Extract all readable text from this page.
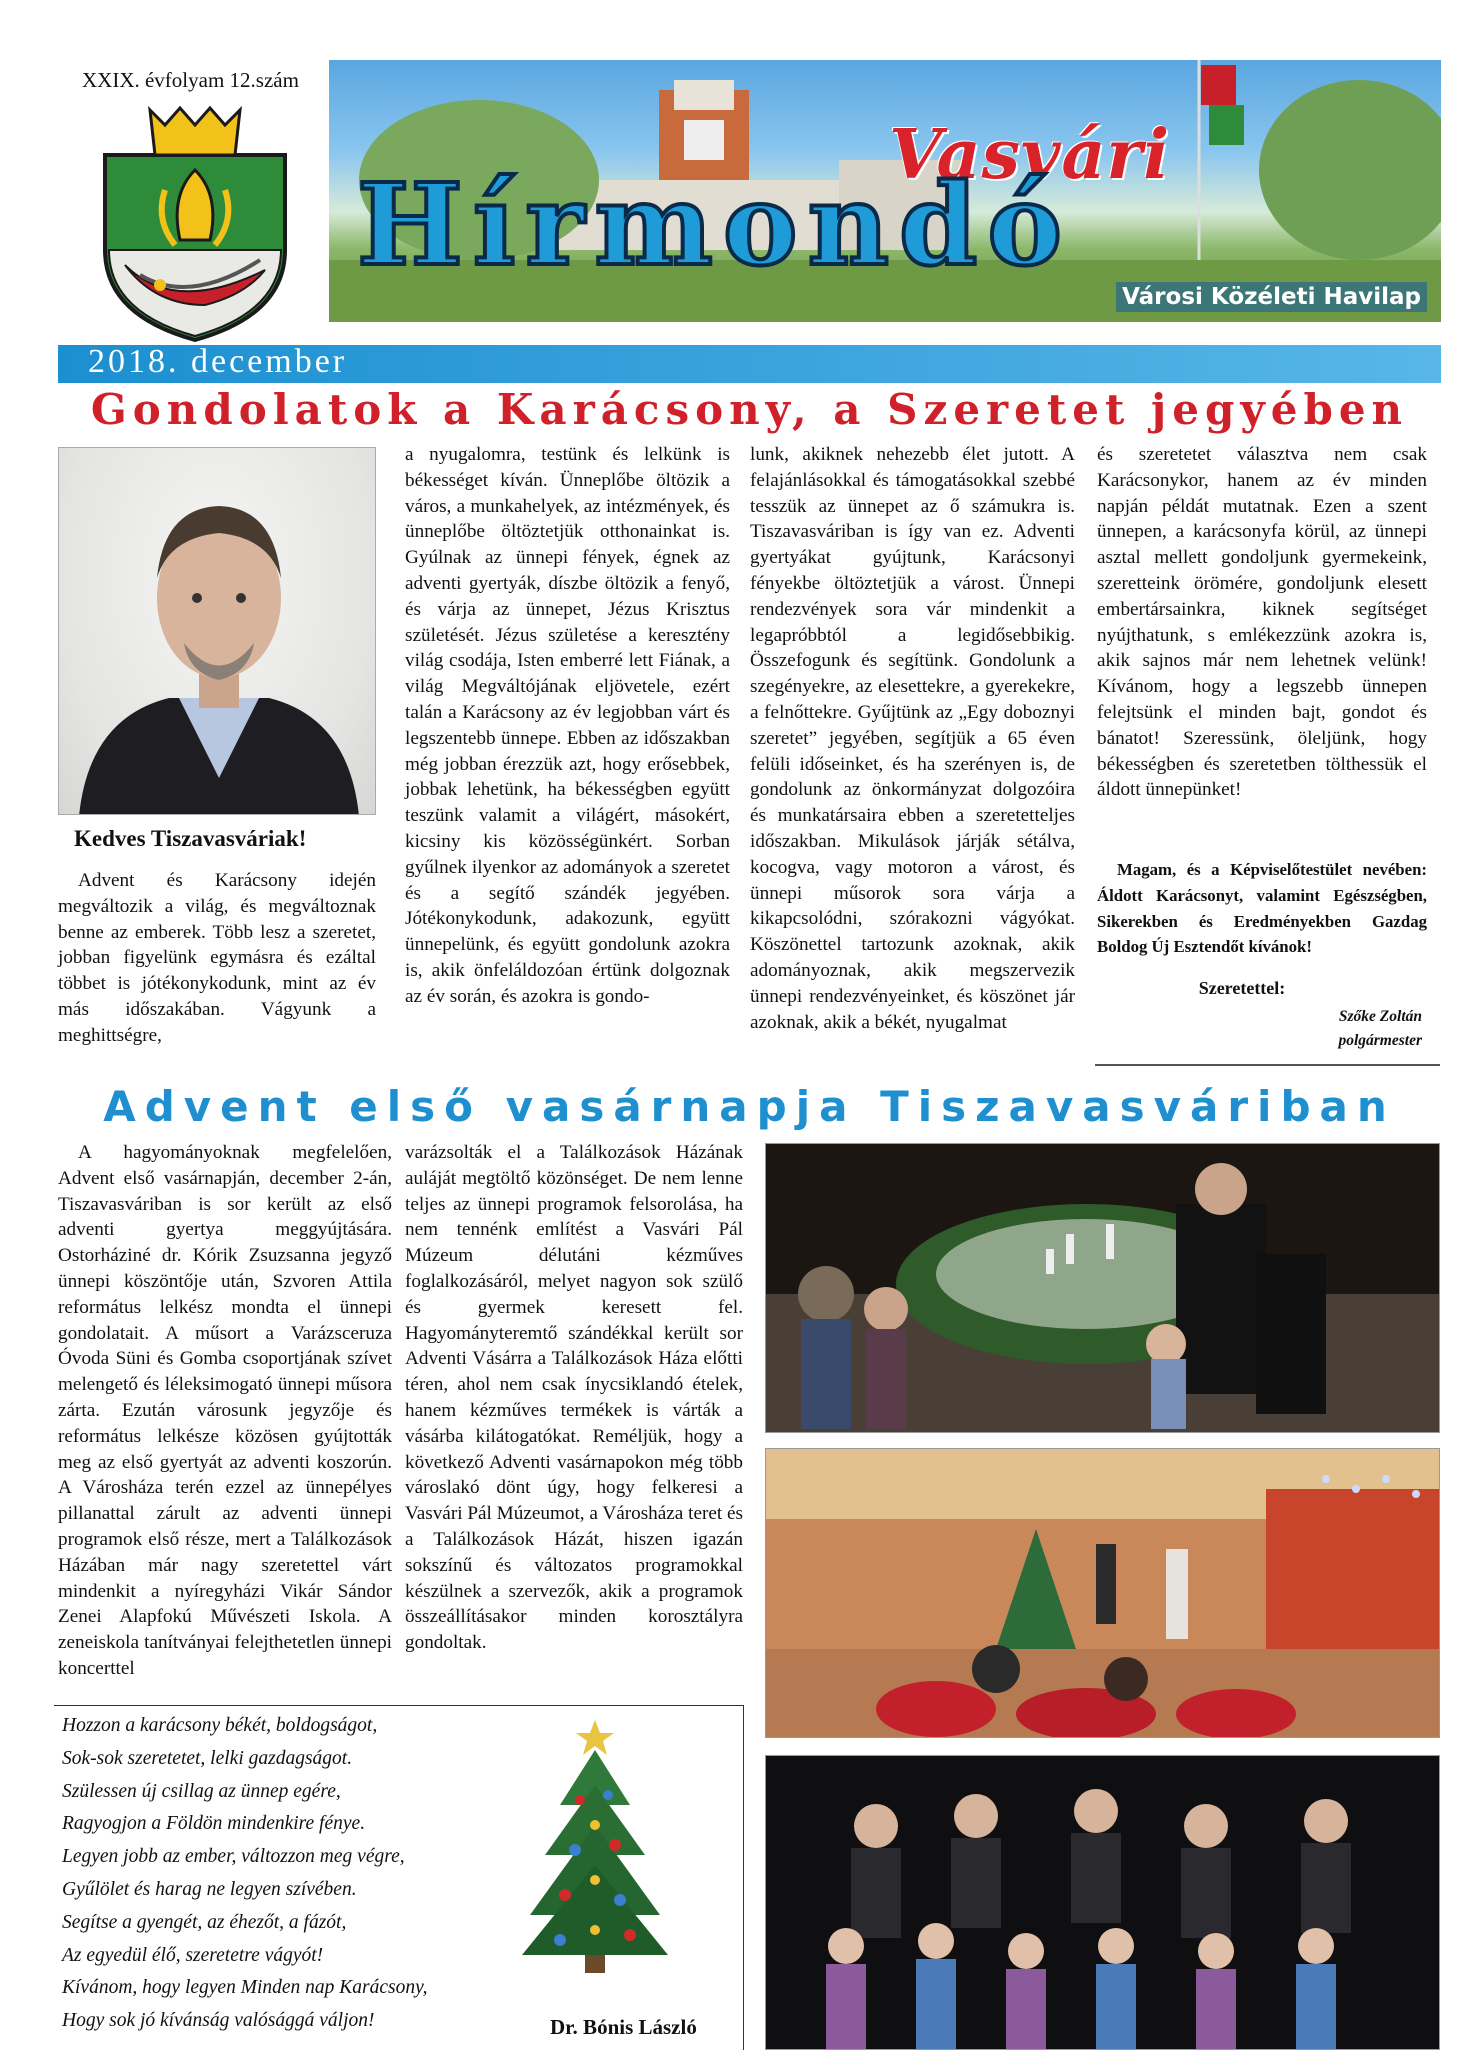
XXIX. évfolyam 12.szám
Vasvári
Hírmondó
Városi Közéleti Havilap
2018. december
Gondolatok a Karácsony, a Szeretet jegyében
Kedves Tiszavasváriak!

Advent és Karácsony idején megváltozik a világ, és megváltoznak benne az emberek. Több lesz a szeretet, jobban figyelünk egymásra és ezáltal többet is jótékonykodunk, mint az év más időszakában. Vágyunk a meghittségre,

a nyugalomra, testünk és lelkünk is békességet kíván. Ünneplőbe öltözik a város, a munkahelyek, az intézmények, és ünneplőbe öltöztetjük otthonainkat is. Gyúlnak az ünnepi fények, égnek az adventi gyertyák, díszbe öltözik a fenyő, és várja az ünnepet, Jézus Krisztus születését. Jézus születése a keresztény világ csodája, Isten emberré lett Fiának, a világ Megváltójának eljövetele, ezért talán a Karácsony az év legjobban várt és legszentebb ünnepe. Ebben az időszakban még jobban érezzük azt, hogy erősebbek, jobbak lehetünk, ha békességben együtt teszünk valamit a világért, másokért, kicsiny kis közösségünkért. Sorban gyűlnek ilyenkor az adományok a szeretet és a segítő szándék jegyében. Jótékonykodunk, adakozunk, együtt ünnepelünk, és együtt gondolunk azokra is, akik önfeláldozóan értünk dolgoznak az év során, és azokra is gondo-
lunk, akiknek nehezebb élet jutott. A felajánlásokkal és támogatásokkal szebbé tesszük az ünnepet az ő számukra is. Tiszavasváriban is így van ez. Adventi gyertyákat gyújtunk, Karácsonyi fényekbe öltöztetjük a várost. Ünnepi rendezvények sora vár mindenkit a legapróbbtól a legidősebbikig. Összefogunk és segítünk. Gondolunk a szegényekre, az elesettekre, a gyerekekre, a felnőttekre. Gyűjtünk az „Egy doboznyi szeretet” jegyében, segítjük a 65 éven felüli időseinket, és ha szerényen is, de gondolunk az önkormányzat dolgozóira és munkatársaira ebben a szeretetteljes időszakban. Mikulások járják sétálva, kocogva, vagy motoron a várost, és ünnepi műsorok sora várja a kikapcsolódni, szórakozni vágyókat. Köszönettel tartozunk azoknak, akik adományoznak, akik megszervezik ünnepi rendezvényeinket, és köszönet jár azoknak, akik a békét, nyugalmat
és szeretetet választva nem csak Karácsonykor, hanem az év minden napján példát mutatnak. Ezen a szent ünnepen, a karácsonyfa körül, az ünnepi asztal mellett gondoljunk gyermekeink, szeretteink örömére, gondoljunk elesett embertársainkra, kiknek segítséget nyújthatunk, s emlékezzünk azokra is, akik sajnos már nem lehetnek velünk! Kívánom, hogy a legszebb ünnepen felejtsünk el minden bajt, gondot és bánatot! Szeressünk, öleljünk, hogy békességben és szeretetben tölthessük el áldott ünnepünket!
Magam, és a Képviselőtestület nevében: Áldott Karácsonyt, valamint Egészségben, Sikerekben és Eredményekben Gazdag Boldog Új Esztendőt kívánok!
Szeretettel:
Szőke Zoltán
polgármester
Advent első vasárnapja Tiszavasváriban

A hagyományoknak megfelelően, Advent első vasárnapján, december 2-án, Tiszavasváriban is sor került az első adventi gyertya meggyújtására. Ostorháziné dr. Kórik Zsuzsanna jegyző ünnepi köszöntője után, Szvoren Attila református lelkész mondta el ünnepi gondolatait. A műsort a Varázsceruza Óvoda Süni és Gomba csoportjának szívet melengető és léleksimogató ünnepi műsora zárta. Ezután városunk jegyzője és református lelkésze közösen gyújtották meg az első gyertyát az adventi koszorún. A Városháza terén ezzel az ünnepélyes pillanattal zárult az adventi ünnepi programok első része, mert a Találkozások Házában már nagy szeretettel várt mindenkit a nyíregyházi Vikár Sándor Zenei Alapfokú Művészeti Iskola. A zeneiskola tanítványai felejthetetlen ünnepi koncerttel

varázsolták el a Találkozások Házának auláját megtöltő közönséget. De nem lenne teljes az ünnepi programok felsorolása, ha nem tennénk említést a Vasvári Pál Múzeum délutáni kézműves foglalkozásáról, melyet nagyon sok szülő és gyermek keresett fel. Hagyományteremtő szándékkal került sor Adventi Vásárra a Találkozások Háza előtti téren, ahol nem csak ínycsiklandó ételek, hanem kézműves termékek is várták a vásárba kilátogatókat. Reméljük, hogy a következő Adventi vasárnapokon még több városlakó dönt úgy, hogy felkeresi a Vasvári Pál Múzeumot, a Városháza teret és a Találkozások Házát, hiszen igazán sokszínű és változatos programokkal készülnek a szervezők, akik a programok összeállításakor minden korosztályra gondoltak.
Hozzon a karácsony békét, boldogságot,
Sok-sok szeretetet, lelki gazdagságot.
Szülessen új csillag az ünnep egére,
Ragyogjon a Földön mindenkire fénye.
Legyen jobb az ember, változzon meg végre,
Gyűlölet és harag ne legyen szívében.
Segítse a gyengét, az éhezőt, a fázót,
Az egyedül élő, szeretetre vágyót!
Kívánom, hogy legyen Minden nap Karácsony,
Hogy sok jó kívánság valósággá váljon!	Dr. Bónis László
